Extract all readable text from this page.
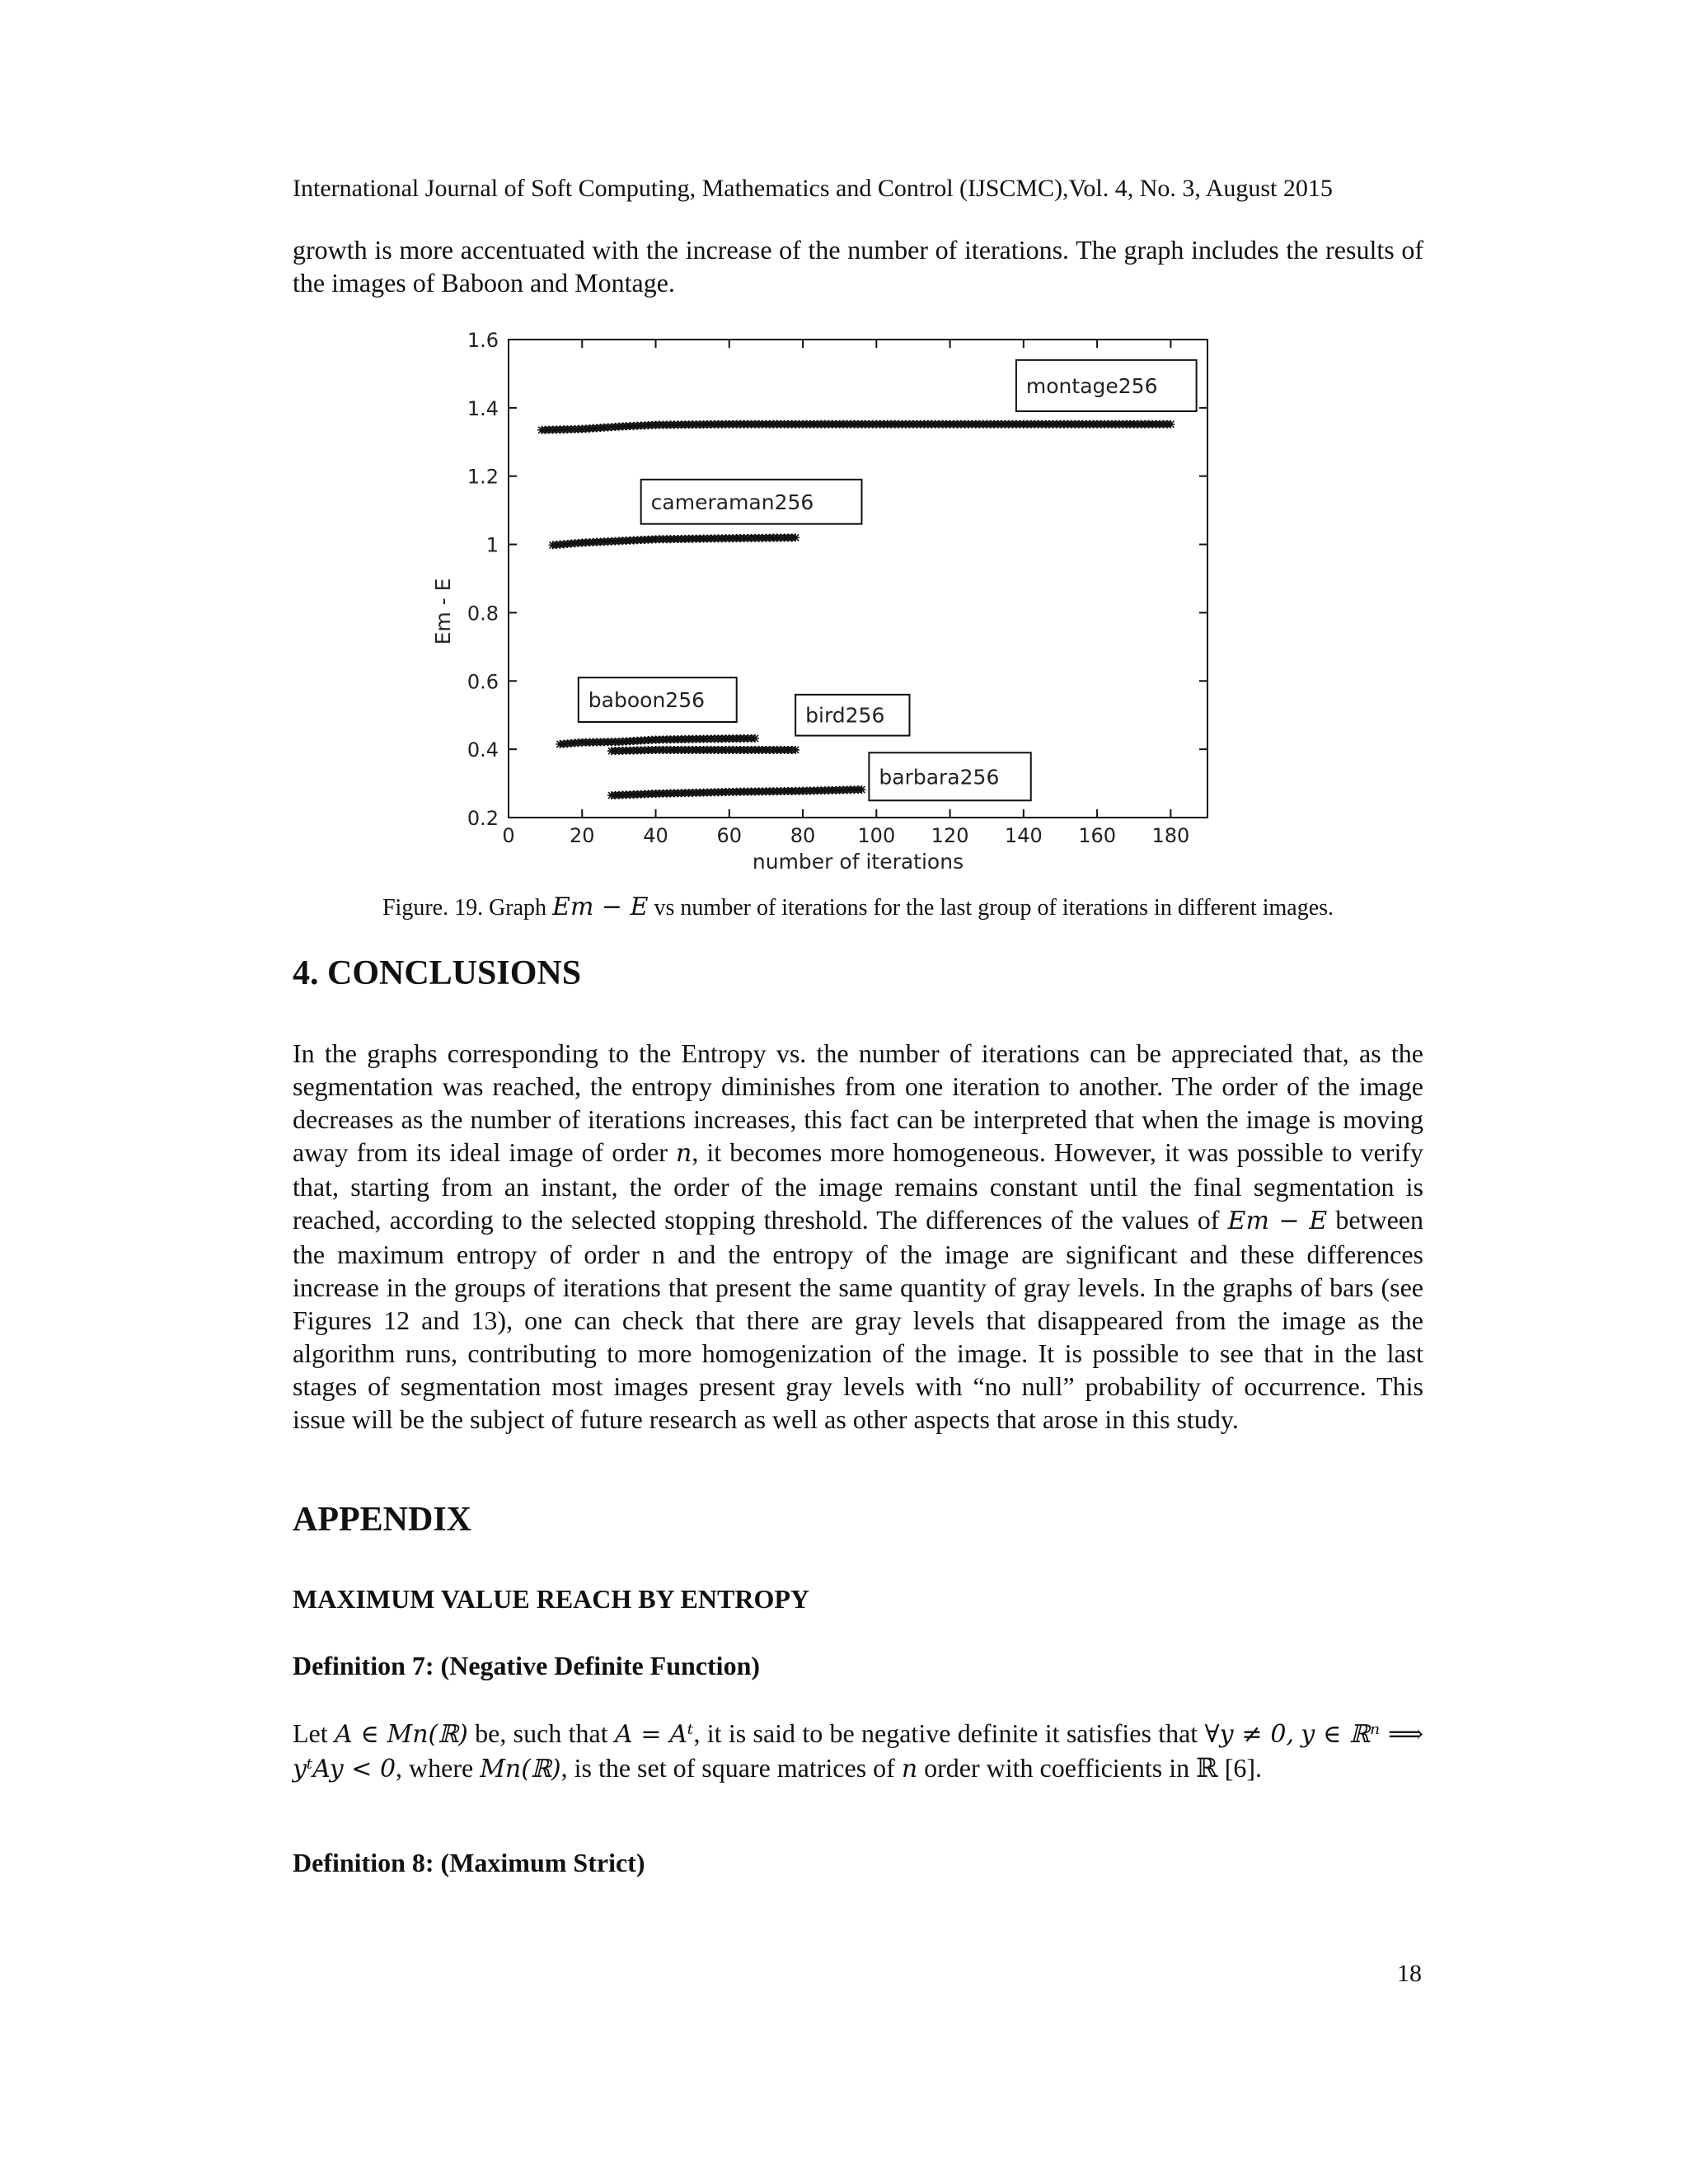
International Journal of Soft Computing, Mathematics and Control (IJSCMC),Vol. 4, No. 3, August 2015

growth is more accentuated with the increase of the number of iterations. The graph includes the results of the images of Baboon and Montage.

0	20 40 60 80 100 120 140 160 180
0.2
0.4
0.6
0.8
1
1.2
1.4
1.6
number of iterations
Em - E
montage256
cameraman256
baboon256
bird256
barbara256
Figure. 19. Graph Em − E vs number of iterations for the last group of iterations in different images.
4. CONCLUSIONS

In the graphs corresponding to the Entropy vs. the number of iterations can be appreciated that, as the segmentation was reached, the entropy diminishes from one iteration to another. The order of the image decreases as the number of iterations increases, this fact can be interpreted that when the image is moving away from its ideal image of order n, it becomes more homogeneous. However, it was possible to verify that, starting from an instant, the order of the image remains constant until the final segmentation is reached, according to the selected stopping threshold. The differences of the values of Em − E between the maximum entropy of order n and the entropy of the image are significant and these differences increase in the groups of iterations that present the same quantity of gray levels. In the graphs of bars (see Figures 12 and 13), one can check that there are gray levels that disappeared from the image as the algorithm runs, contributing to more homogenization of the image. It is possible to see that in the last stages of segmentation most images present gray levels with “no null” probability of occurrence. This issue will be the subject of future research as well as other aspects that arose in this study.

APPENDIX
MAXIMUM VALUE REACH BY ENTROPY
Definition 7: (Negative Definite Function)

Let A ∈ Mn(ℝ) be, such that A = Aᵗ, it is said to be negative definite it satisfies that ∀y ≠ 0, y ∈ ℝⁿ ⟹ yᵗAy < 0, where Mn(ℝ), is the set of square matrices of n order with coefficients in ℝ [6].

Definition 8: (Maximum Strict)
18
